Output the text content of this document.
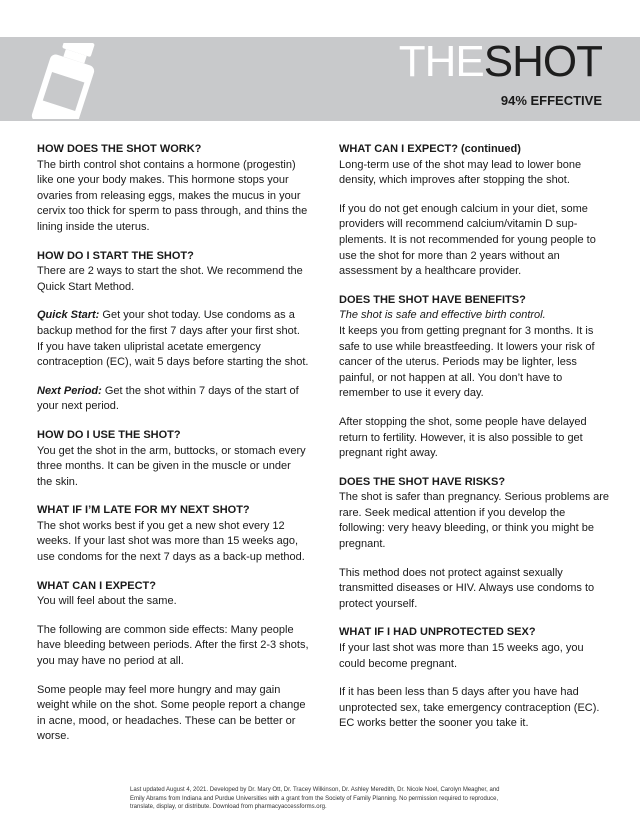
THESHOT
94% EFFECTIVE
HOW DOES THE SHOT WORK?
The birth control shot contains a hormone (progestin) like one your body makes. This hormone stops your ovaries from releasing eggs, makes the mucus in your cervix too thick for sperm to pass through, and thins the lining inside the uterus.
HOW DO I START THE SHOT?
There are 2 ways to start the shot. We recommend the Quick Start Method.
Quick Start: Get your shot today. Use condoms as a backup method for the first 7 days after your first shot. If you have taken ulipristal acetate emergency contraception (EC), wait 5 days before starting the shot.
Next Period: Get the shot within 7 days of the start of your next period.
HOW DO I USE THE SHOT?
You get the shot in the arm, buttocks, or stomach every three months. It can be given in the muscle or under the skin.
WHAT IF I’M LATE FOR MY NEXT SHOT?
The shot works best if you get a new shot every 12 weeks. If your last shot was more than 15 weeks ago, use condoms for the next 7 days as a back-up method.
WHAT CAN I EXPECT?
You will feel about the same.
The following are common side effects: Many people have bleeding between periods. After the first 2-3 shots, you may have no period at all.
Some people may feel more hungry and may gain weight while on the shot. Some people report a change in acne, mood, or headaches. These can be better or worse.
WHAT CAN I EXPECT? (continued)
Long-term use of the shot may lead to lower bone density, which improves after stopping the shot.
If you do not get enough calcium in your diet, some providers will recommend calcium/vitamin D sup-plements. It is not recommended for young people to use the shot for more than 2 years without an assessment by a healthcare provider.
DOES THE SHOT HAVE BENEFITS?
The shot is safe and effective birth control.
It keeps you from getting pregnant for 3 months. It is safe to use while breastfeeding. It lowers your risk of cancer of the uterus. Periods may be lighter, less painful, or not happen at all. You don’t have to remember to use it every day.
After stopping the shot, some people have delayed return to fertility. However, it is also possible to get pregnant right away.
DOES THE SHOT HAVE RISKS?
The shot is safer than pregnancy. Serious problems are rare. Seek medical attention if you develop the following: very heavy bleeding, or think you might be pregnant.
This method does not protect against sexually transmitted diseases or HIV. Always use condoms to protect yourself.
WHAT IF I HAD UNPROTECTED SEX?
If your last shot was more than 15 weeks ago, you could become pregnant.
If it has been less than 5 days after you have had unprotected sex, take emergency contraception (EC). EC works better the sooner you take it.
Last updated August 4, 2021. Developed by Dr. Mary Ott, Dr. Tracey Wilkinson, Dr. Ashley Meredith, Dr. Nicole Noel, Carolyn Meagher, and Emily Abrams from Indiana and Purdue Universities with a grant from the Society of Family Planning. No permission required to reproduce, translate, display, or distribute. Download from pharmacyaccessforms.org.
